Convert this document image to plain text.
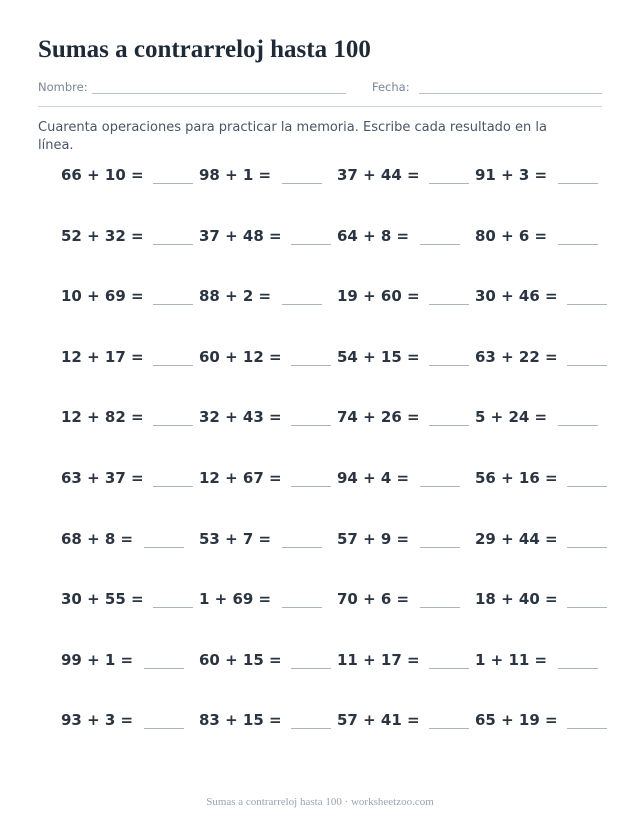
Sumas a contrarreloj hasta 100
Nombre:	Fecha:
Cuarenta operaciones para practicar la memoria. Escribe cada resultado en la línea.
66 + 10 =	98 + 1 =	37 + 44 =	91 + 3 =
52 + 32 =	37 + 48 =	64 + 8 =	80 + 6 =
10 + 69 =	88 + 2 =	19 + 60 =	30 + 46 =
12 + 17 =	60 + 12 =	54 + 15 =	63 + 22 =
12 + 82 =	32 + 43 =	74 + 26 =	5 + 24 =
63 + 37 =	12 + 67 =	94 + 4 =	56 + 16 =
68 + 8 =	53 + 7 =	57 + 9 =	29 + 44 =
30 + 55 =	1 + 69 =	70 + 6 =	18 + 40 =
99 + 1 =	60 + 15 =	11 + 17 =	1 + 11 =
93 + 3 =	83 + 15 =	57 + 41 =	65 + 19 =
Sumas a contrarreloj hasta 100 · worksheetzoo.com
